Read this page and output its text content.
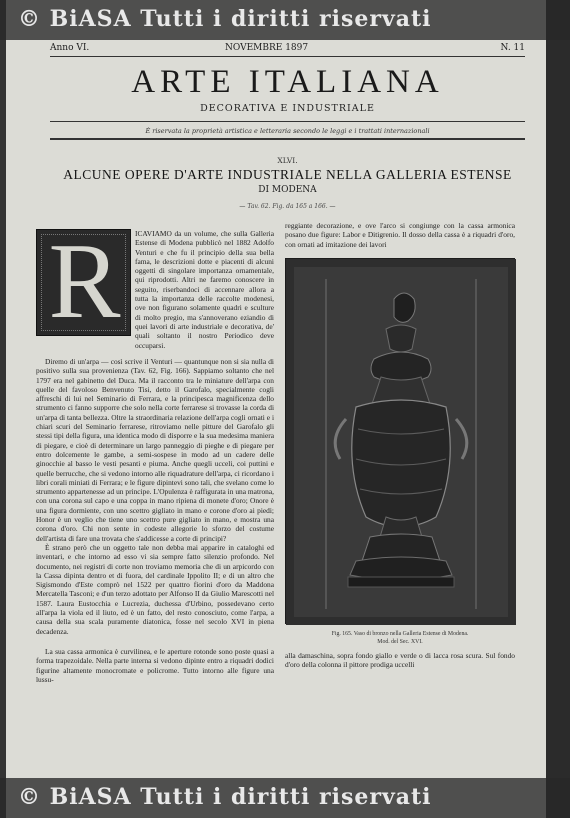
© BiASA Tutti i diritti riservati
Anno VI.	NOVEMBRE 1897	N. 11
ARTE ITALIANA
DECORATIVA E INDUSTRIALE
È riservata la proprietà artistica e letteraria secondo le leggi e i trattati internazionali
XLVI.
ALCUNE OPERE D'ARTE INDUSTRIALE NELLA GALLERIA ESTENSE
DI MODENA
— Tav. 62. Fig. da 165 a 166. —
R	ICAVIAMO da un volume, che sulla Galleria Estense di Modena pubblicò nel 1882 Adolfo Venturi e che fu il principio della sua bella fama, le descrizioni dotte e piacenti di alcuni oggetti di singolare importanza ornamentale, qui riprodotti. Altri ne faremo conoscere in seguito, riserbandoci di accennare allora a tutta la importanza delle raccolte modenesi, ove non figurano solamente quadri e sculture di molto pregio, ma s'annoverano eziandio di quei lavori di arte industriale e decorativa, de' quali soltanto il nostro Periodico deve occuparsi.

Diremo di un'arpa — così scrive il Venturi — quantunque non si sia nulla di positivo sulla sua provenienza (Tav. 62, Fig. 166). Sappiamo soltanto che nel 1797 era nel gabinetto del Duca. Ma il racconto tra le miniature dell'arpa con quelle del favoloso Benvenuto Tisi, detto il Garofalo, specialmente cogli affreschi di lui nel Seminario di Ferrara, e la principesca magnificenza dello strumento ci fanno supporre che solo nella corte ferrarese si trovasse la corda di un'arpa di tanta bellezza. Oltre la straordinaria relazione dell'arpa cogli ornati e i chiari scuri del Seminario ferrarese, ritroviamo nelle pitture del Garofalo gli stessi tipi della figura, una identica modo di disporre e la sua medesima maniera di piegare, e cioè di determinare un largo panneggio di pieghe e di piegare per entro dolcemente le gambe, a semi-sospese in modo ad un cadere delle ginocchie al basso le vesti pesanti e piuma. Anche quegli ucceli, coi puttini e quelle berrucche, che si vedono intorno alle riquadrature dell'arpa, ci ricordano i libri corali miniati di Ferrara; e le figure dipintevi sono tali, che svelano come lo strumento appartenesse ad un principe. L'Opulenza è raffigurata in una matrona, con una corona sul capo e una coppa in mano ripiena di monete d'oro; Onore è una figura dormiente, con uno scettro gigliato in mano e corone d'oro ai piedi; Honor è un veglio che tiene uno scettro pure gigliato in mano, e mostra una corona d'oro. Chi non sente in codeste allegorie lo sforzo del costume dell'artista di fare una trovata che s'addicesse a corte di principi?

È strano però che un oggetto tale non debba mai apparire in cataloghi ed inventari, e che intorno ad esso vi sia sempre fatto silenzio profondo. Nel documento, nei registri di corte non troviamo memoria che di un arpicordo con la Cassa dipinta dentro et di fuora, del cardinale Ippolito II; e di un altro che Sigismondo d'Este comprò nel 1522 per quattro fiorini d'oro da Maddona Mercatella Tasconi; e d'un terzo adottato per Alfonso II da Giulio Marescotti nel 1587. Laura Eustocchia e Lucrezia, duchessa d'Urbino, possedevano certo all'arpa la viola ed il liuto, ed è un fatto, del resto conosciuto, come l'arpa, a causa della sua scala puramente diatonica, fosse nel secolo XVI in piena decadenza.

La sua cassa armonica è curvilinea, e le aperture rotonde sono poste quasi a forma trapezoidale. Nella parte interna si vedono dipinte entro a riquadri dodici figurine altamente monocromate e policrome. Tutto intorno alle figure una lussu-

reggiante decorazione, e ove l'arco si congiunge con la cassa armonica posano due figure: Labor e Ditigrenio. Il dosso della cassa è a riquadri d'oro, con ornati ad imitazione dei lavori
Fig. 165. Vaso di bronzo nella Galleria Estense di Modena.
Mod. del Sec. XVI.
alla damaschina, sopra fondo giallo e verde o di lacca rosa scura. Sul fondo d'oro della colonna il pittore prodiga uccelli
© BiASA Tutti i diritti riservati
